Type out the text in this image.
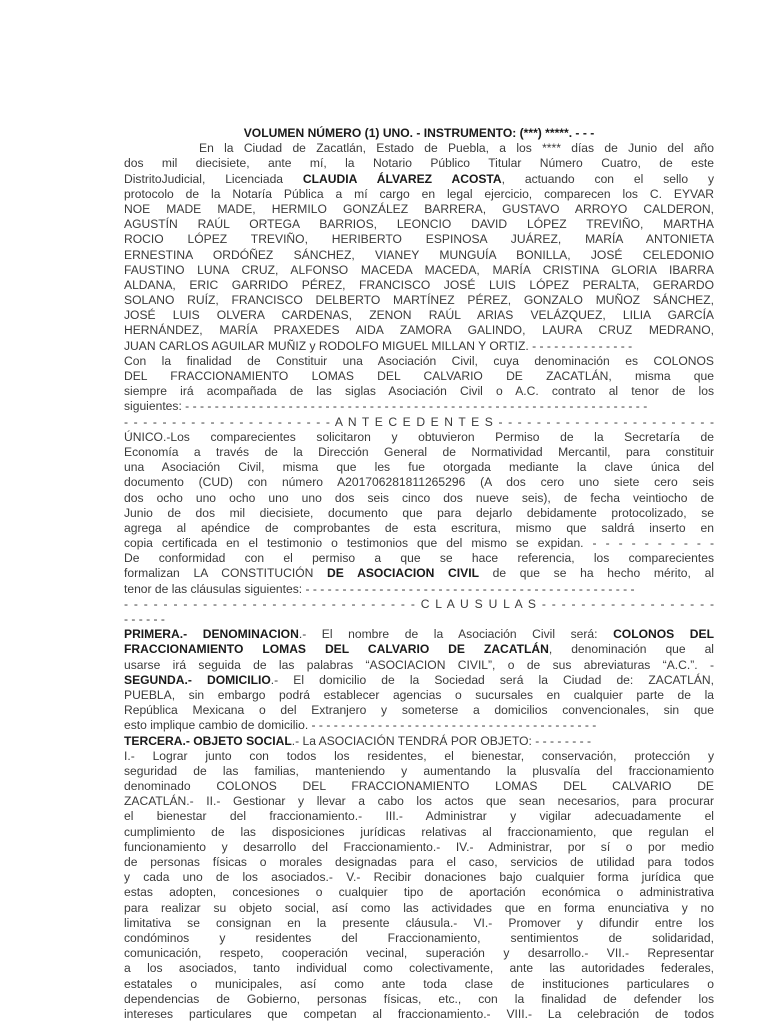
VOLUMEN NÚMERO (1) UNO. - INSTRUMENTO: (***) *****. - - -
En la Ciudad de Zacatlán, Estado de Puebla, a los **** días de Junio del año
dos mil diecisiete, ante mí, la Notario Público Titular Número Cuatro, de este
DistritoJudicial, Licenciada CLAUDIA ÁLVAREZ ACOSTA, actuando con el sello y
protocolo de la Notaría Pública a mí cargo en legal ejercicio, comparecen los C. EYVAR
NOE MADE MADE, HERMILO GONZÁLEZ BARRERA, GUSTAVO ARROYO CALDERON,
AGUSTÍN RAÚL ORTEGA BARRIOS, LEONCIO DAVID LÓPEZ TREVIÑO, MARTHA
ROCIO LÓPEZ TREVIÑO, HERIBERTO ESPINOSA JUÁREZ, MARÍA ANTONIETA
ERNESTINA ORDÓÑEZ SÁNCHEZ, VIANEY MUNGUÍA BONILLA, JOSÉ CELEDONIO
FAUSTINO LUNA CRUZ, ALFONSO MACEDA MACEDA, MARÍA CRISTINA GLORIA IBARRA
ALDANA, ERIC GARRIDO PÉREZ, FRANCISCO JOSÉ LUIS LÓPEZ PERALTA, GERARDO
SOLANO RUÍZ, FRANCISCO DELBERTO MARTÍNEZ PÉREZ, GONZALO MUÑOZ SÁNCHEZ,
JOSÉ LUIS OLVERA CARDENAS, ZENON RAÚL ARIAS VELÁZQUEZ, LILIA GARCÍA
HERNÁNDEZ, MARÍA PRAXEDES AIDA ZAMORA GALINDO, LAURA CRUZ MEDRANO,
JUAN CARLOS AGUILAR MUÑIZ y RODOLFO MIGUEL MILLAN Y ORTIZ. - - - - - - - - - - - - - -
Con la finalidad de Constituir una Asociación Civil, cuya denominación es COLONOS
DEL FRACCIONAMIENTO LOMAS DEL CALVARIO DE ZACATLÁN, misma que
siempre irá acompañada de las siglas Asociación Civil o A.C. contrato al tenor de los
siguientes: - - - - - - - - - - - - - - - - - - - - - - - - - - - - - - - - - - - - - - - - - - - - - - - - - - - - - - - - - - - - - - -
- - - - - - - - - - - - - - - - - - - - - - A N T E C E D E N T E S - - - - - - - - - - - - - - - - - - - - - - -
ÚNICO.-Los comparecientes solicitaron y obtuvieron Permiso de la Secretaría de
Economía a través de la Dirección General de Normatividad Mercantil, para constituir
una Asociación Civil, misma que les fue otorgada mediante la clave única del
documento (CUD) con número A201706281811265296 (A dos cero uno siete cero seis
dos ocho uno ocho uno uno dos seis cinco dos nueve seis), de fecha veintiocho de
Junio de dos mil diecisiete, documento que para dejarlo debidamente protocolizado, se
agrega al apéndice de comprobantes de esta escritura, mismo que saldrá inserto en
copia certificada en el testimonio o testimonios que del mismo se expidan. - - - - - - - - - -
De conformidad con el permiso a que se hace referencia, los comparecientes
formalizan LA CONSTITUCIÓN DE ASOCIACION CIVIL de que se ha hecho mérito, al
tenor de las cláusulas siguientes: - - - - - - - - - - - - - - - - - - - - - - - - - - - - - - - - - - - - - - - - - - - - -
- - - - - - - - - - - - - - - - - - - - - - - - - - - - - - C L A U S U L A S - - - - - - - - - - - - - - - - - -
- - - - - -
PRIMERA.- DENOMINACION.- El nombre de la Asociación Civil será: COLONOS DEL
FRACCIONAMIENTO LOMAS DEL CALVARIO DE ZACATLÁN, denominación que al
usarse irá seguida de las palabras “ASOCIACION CIVIL”, o de sus abreviaturas “A.C.”. -
SEGUNDA.- DOMICILIO.- El domicilio de la Sociedad será la Ciudad de: ZACATLÁN,
PUEBLA, sin embargo podrá establecer agencias o sucursales en cualquier parte de la
República Mexicana o del Extranjero y someterse a domicilios convencionales, sin que
esto implique cambio de domicilio. - - - - - - - - - - - - - - - - - - - - - - - - - - - - - - - - - - - - - - -
TERCERA.- OBJETO SOCIAL.- La ASOCIACIÓN TENDRÁ POR OBJETO: - - - - - - - -
I.- Lograr junto con todos los residentes, el bienestar, conservación, protección y
seguridad de las familias, manteniendo y aumentando la plusvalía del fraccionamiento
denominado COLONOS DEL FRACCIONAMIENTO LOMAS DEL CALVARIO DE
ZACATLÁN.- II.- Gestionar y llevar a cabo los actos que sean necesarios, para procurar
el bienestar del fraccionamiento.- III.- Administrar y vigilar adecuadamente el
cumplimiento de las disposiciones jurídicas relativas al fraccionamiento, que regulan el
funcionamiento y desarrollo del Fraccionamiento.- IV.- Administrar, por sí o por medio
de personas físicas o morales designadas para el caso, servicios de utilidad para todos
y cada uno de los asociados.- V.- Recibir donaciones bajo cualquier forma jurídica que
estas adopten, concesiones o cualquier tipo de aportación económica o administrativa
para realizar su objeto social, así como las actividades que en forma enunciativa y no
limitativa se consignan en la presente cláusula.- VI.- Promover y difundir entre los
condóminos y residentes del Fraccionamiento, sentimientos de solidaridad,
comunicación, respeto, cooperación vecinal, superación y desarrollo.- VII.- Representar
a los asociados, tanto individual como colectivamente, ante las autoridades federales,
estatales o municipales, así como ante toda clase de instituciones particulares o
dependencias de Gobierno, personas físicas, etc., con la finalidad de defender los
intereses particulares que competan al fraccionamiento.- VIII.- La celebración de todos
